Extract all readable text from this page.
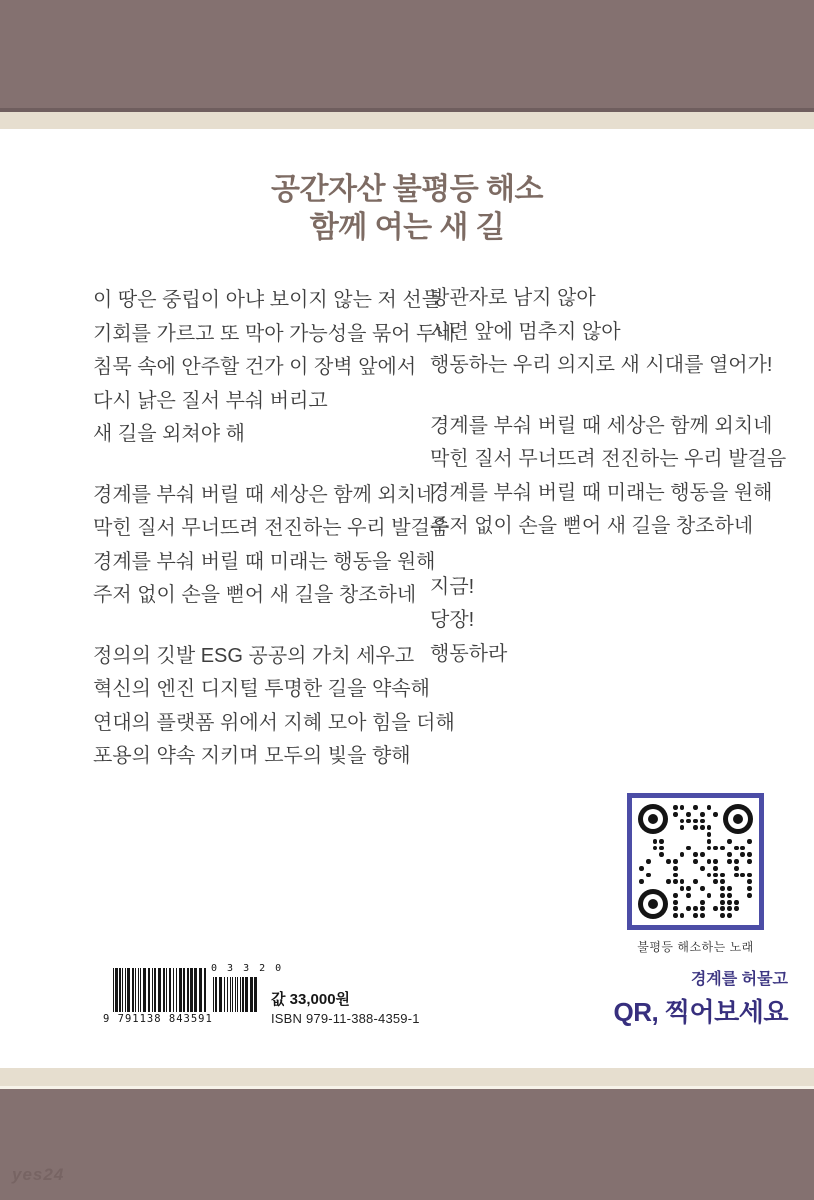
공간자산 불평등 해소
함께 여는 새 길

이 땅은 중립이 아냐 보이지 않는 저 선들

기회를 가르고 또 막아 가능성을 묶어 두네

침묵 속에 안주할 건가 이 장벽 앞에서

다시 낡은 질서 부숴 버리고

새 길을 외쳐야 해

경계를 부숴 버릴 때 세상은 함께 외치네

막힌 질서 무너뜨려 전진하는 우리 발걸음

경계를 부숴 버릴 때 미래는 행동을 원해

주저 없이 손을 뻗어 새 길을 창조하네

정의의 깃발 ESG 공공의 가치 세우고

혁신의 엔진 디지털 투명한 길을 약속해

연대의 플랫폼 위에서 지혜 모아 힘을 더해

포용의 약속 지키며 모두의 빛을 향해

방관자로 남지 않아

시련 앞에 멈추지 않아

행동하는 우리 의지로 새 시대를 열어가!

경계를 부숴 버릴 때 세상은 함께 외치네

막힌 질서 무너뜨려 전진하는 우리 발걸음

경계를 부숴 버릴 때 미래는 행동을 원해

주저 없이 손을 뻗어 새 길을 창조하네

지금!

당장!

행동하라

9 791138 843591
0 3 3 2 0
값 33,000원
ISBN 979-11-388-4359-1
불평등 해소하는 노래

경계를 허물고

QR, 찍어보세요

yes24
